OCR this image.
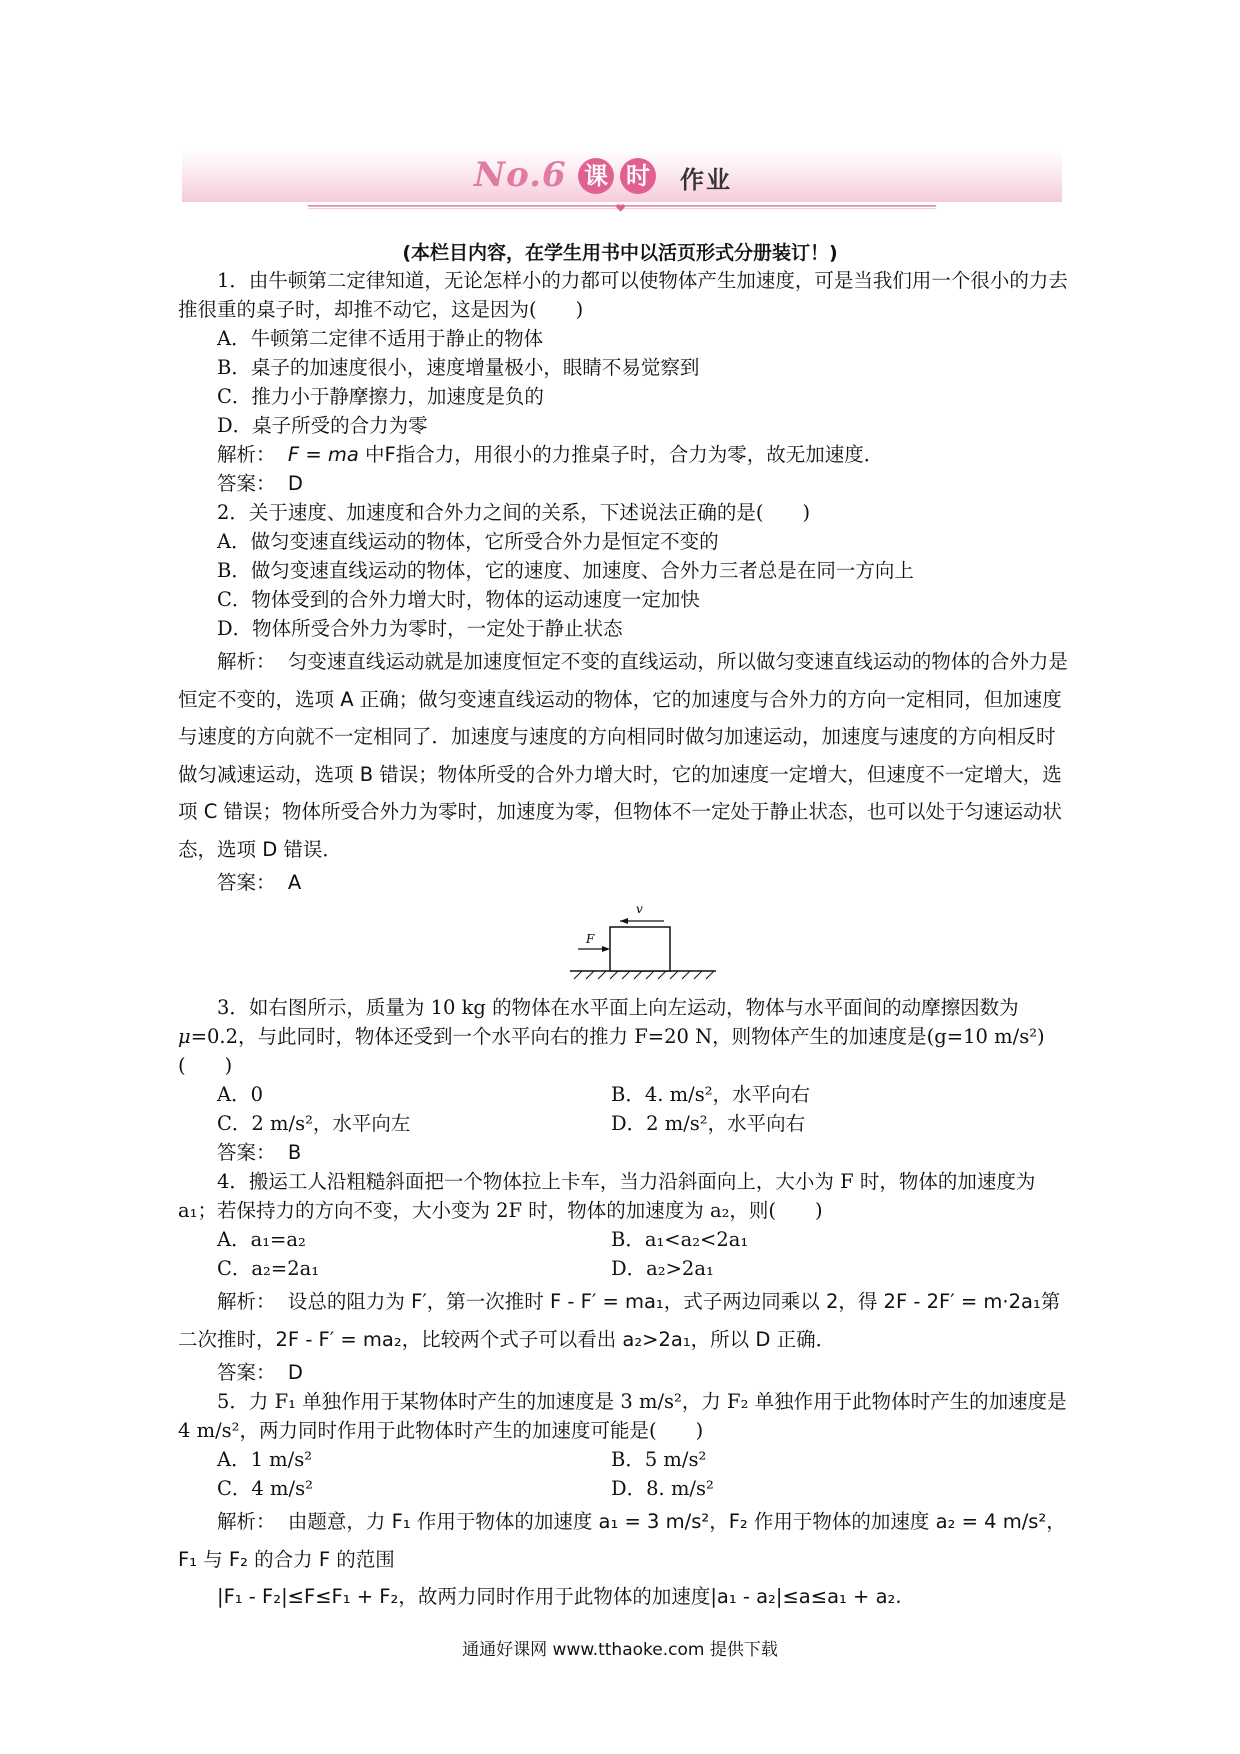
No.6 课 时 作业
(本栏目内容，在学生用书中以活页形式分册装订！)

1．由牛顿第二定律知道，无论怎样小的力都可以使物体产生加速度，可是当我们用一个很小的力去推很重的桌子时，却推不动它，这是因为(　　)

A．牛顿第二定律不适用于静止的物体

B．桌子的加速度很小，速度增量极小，眼睛不易觉察到

C．推力小于静摩擦力，加速度是负的

D．桌子所受的合力为零

解析： F = ma 中F指合力，用很小的力推桌子时，合力为零，故无加速度．

答案： D

2．关于速度、加速度和合外力之间的关系，下述说法正确的是(　　)

A．做匀变速直线运动的物体，它所受合外力是恒定不变的

B．做匀变速直线运动的物体，它的速度、加速度、合外力三者总是在同一方向上

C．物体受到的合外力增大时，物体的运动速度一定加快

D．物体所受合外力为零时，一定处于静止状态

解析： 匀变速直线运动就是加速度恒定不变的直线运动，所以做匀变速直线运动的物体的合外力是恒定不变的，选项 A 正确；做匀变速直线运动的物体，它的加速度与合外力的方向一定相同，但加速度与速度的方向就不一定相同了．加速度与速度的方向相同时做匀加速运动，加速度与速度的方向相反时做匀减速运动，选项 B 错误；物体所受的合外力增大时，它的加速度一定增大，但速度不一定增大，选项 C 错误；物体所受合外力为零时，加速度为零，但物体不一定处于静止状态，也可以处于匀速运动状态，选项 D 错误．

答案： A

v
F

3．如右图所示，质量为 10 kg 的物体在水平面上向左运动，物体与水平面间的动摩擦因数为μ=0.2，与此同时，物体还受到一个水平向右的推力 F=20 N，则物体产生的加速度是(g=10 m/s²)(　　)

A．0	B．4. m/s²，水平向右
C．2 m/s²，水平向左	D．2 m/s²，水平向右

答案： B

4．搬运工人沿粗糙斜面把一个物体拉上卡车，当力沿斜面向上，大小为 F 时，物体的加速度为 a₁；若保持力的方向不变，大小变为 2F 时，物体的加速度为 a₂，则(　　)

A．a₁=a₂	B．a₁<a₂<2a₁
C．a₂=2a₁	D．a₂>2a₁

解析： 设总的阻力为 F′，第一次推时 F - F′ = ma₁，式子两边同乘以 2，得 2F - 2F′ = m·2a₁第二次推时，2F - F′ = ma₂，比较两个式子可以看出 a₂>2a₁，所以 D 正确．

答案： D

5．力 F₁ 单独作用于某物体时产生的加速度是 3 m/s²，力 F₂ 单独作用于此物体时产生的加速度是 4 m/s²，两力同时作用于此物体时产生的加速度可能是(　　)

A．1 m/s²	B．5 m/s²
C．4 m/s²	D．8. m/s²

解析： 由题意，力 F₁ 作用于物体的加速度 a₁ = 3 m/s²，F₂ 作用于物体的加速度 a₂ = 4 m/s²，F₁ 与 F₂ 的合力 F 的范围

|F₁ - F₂|≤F≤F₁ + F₂，故两力同时作用于此物体的加速度|a₁ - a₂|≤a≤a₁ + a₂.

通通好课网 www.tthaoke.com 提供下载
